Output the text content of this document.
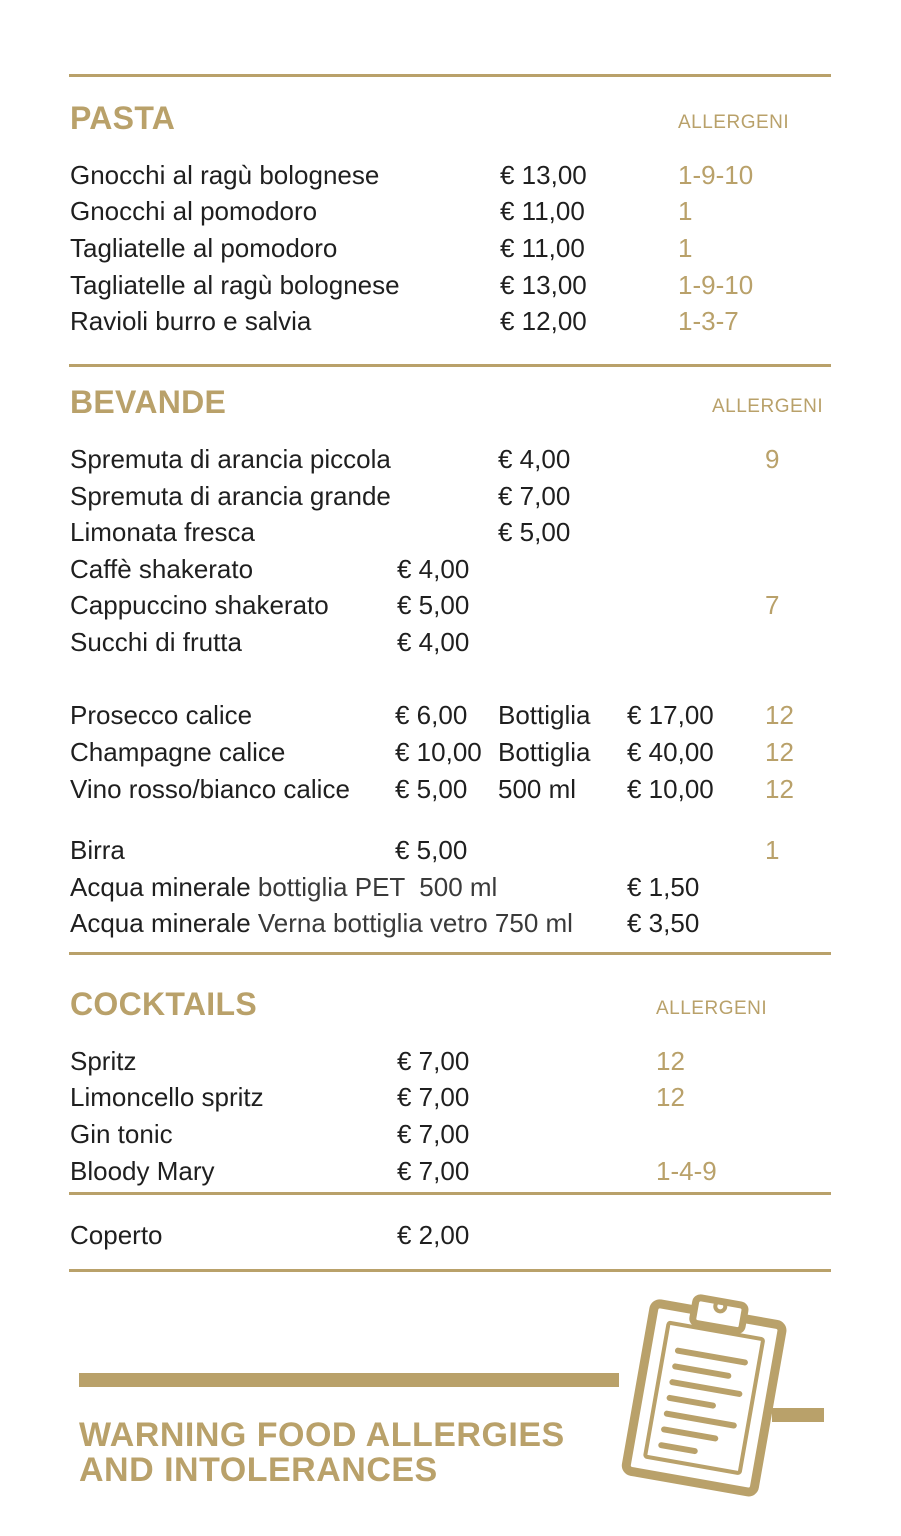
PASTA	ALLERGENI
Gnocchi al ragù bolognese	€ 13,00	1-9-10
Gnocchi al pomodoro	€ 11,00	1
Tagliatelle al pomodoro	€ 11,00	1
Tagliatelle al ragù bolognese	€ 13,00	1-9-10
Ravioli burro e salvia	€ 12,00	1-3-7
BEVANDE	ALLERGENI
Spremuta di arancia piccola	€ 4,00	9
Spremuta di arancia grande	€ 7,00
Limonata fresca	€ 5,00
Caffè shakerato	€ 4,00
Cappuccino shakerato	€ 5,00	7
Succhi di frutta	€ 4,00
Prosecco calice	€ 6,00 Bottiglia € 17,00 12
Champagne calice	€ 10,00 Bottiglia € 40,00 12
Vino rosso/bianco calice € 5,00 500 ml € 10,00 12
Birra	€ 5,00	1
Acqua minerale bottiglia PET  500 ml	€ 1,50
Acqua minerale Verna bottiglia vetro 750 ml € 3,50
COCKTAILS	ALLERGENI
Spritz	€ 7,00	12
Limoncello spritz	€ 7,00	12
Gin tonic	€ 7,00
Bloody Mary	€ 7,00	1-4-9
Coperto	€ 2,00
WARNING FOOD ALLERGIES
AND INTOLERANCES
